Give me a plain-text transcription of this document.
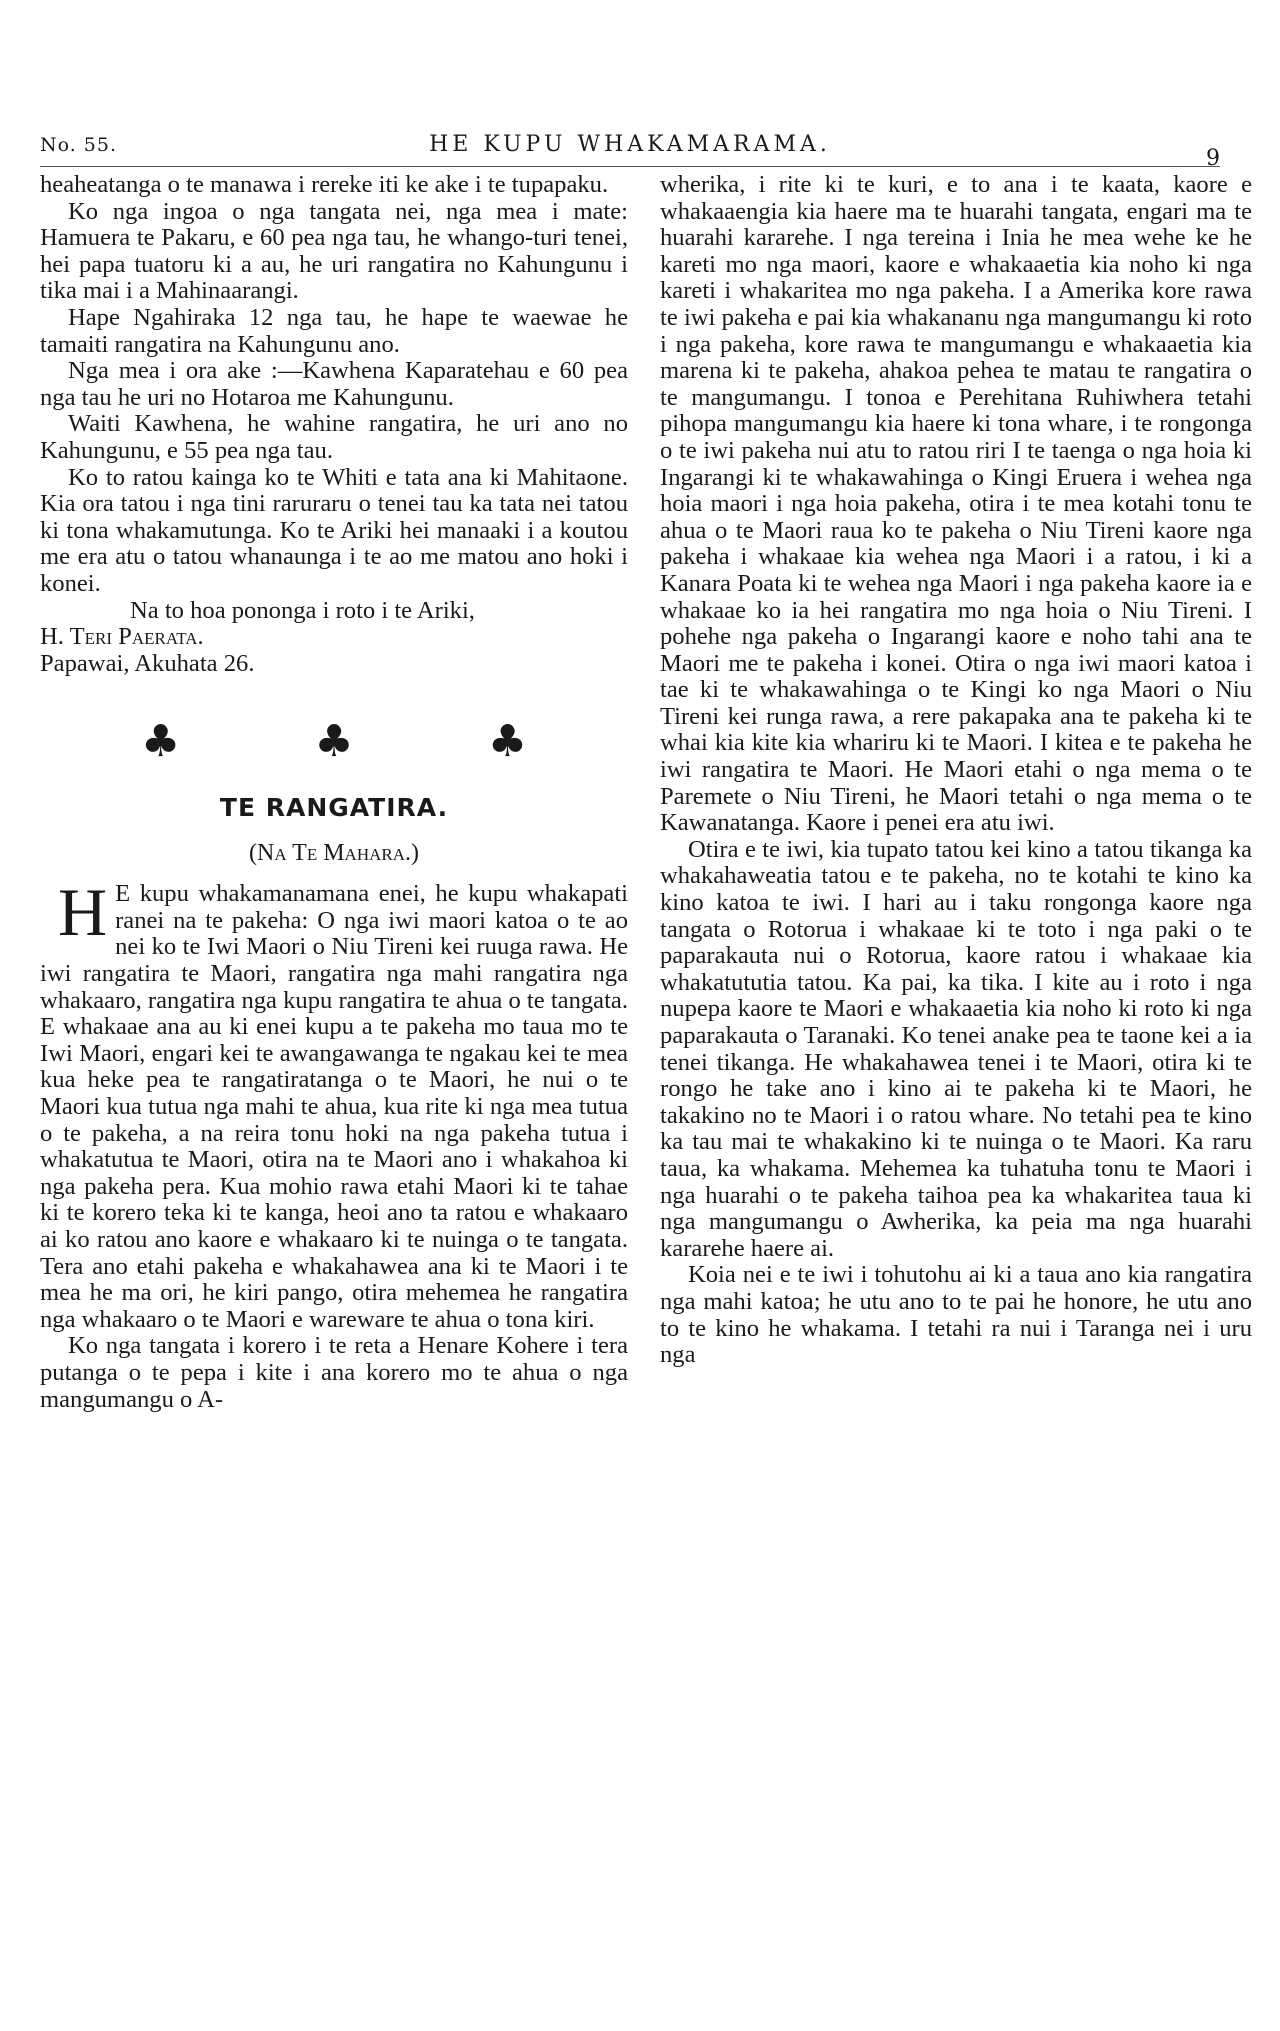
No. 55.	HE KUPU WHAKAMARAMA.
9

heaheatanga o te manawa i rereke iti ke ake i te tupapaku.

Ko nga ingoa o nga tangata nei, nga mea i mate: Hamuera te Pakaru, e 60 pea nga tau, he whango-turi tenei, hei papa tuatoru ki a au, he uri rangatira no Kahungunu i tika mai i a Mahinaarangi.

Hape Ngahiraka 12 nga tau, he hape te waewae he tamaiti rangatira na Kahungunu ano.

Nga mea i ora ake :—Kawhena Kaparatehau e 60 pea nga tau he uri no Hotaroa me Kahungunu.

Waiti Kawhena, he wahine rangatira, he uri ano no Kahungunu, e 55 pea nga tau.

Ko to ratou kainga ko te Whiti e tata ana ki Mahitaone. Kia ora tatou i nga tini raruraru o tenei tau ka tata nei tatou ki tona whakamutunga. Ko te Ariki hei manaaki i a koutou me era atu o tatou whanaunga i te ao me matou ano hoki i konei.

Na to hoa pononga i roto i te Ariki,

H. Teri Paerata.

Papawai, Akuhata 26.

♣ ♣ ♣
TE RANGATIRA.
(Na Te Mahara.)

H E kupu whakamanamana enei, he kupu whakapati ranei na te pakeha: O nga iwi maori katoa o te ao nei ko te Iwi Maori o Niu Tireni kei ruuga rawa. He iwi rangatira te Maori, rangatira nga mahi rangatira nga whakaaro, rangatira nga kupu rangatira te ahua o te tangata. E whakaae ana au ki enei kupu a te pakeha mo taua mo te Iwi Maori, engari kei te awangawanga te ngakau kei te mea kua heke pea te rangatiratanga o te Maori, he nui o te Maori kua tutua nga mahi te ahua, kua rite ki nga mea tutua o te pakeha, a na reira tonu hoki na nga pakeha tutua i whakatutua te Maori, otira na te Maori ano i whakahoa ki nga pakeha pera. Kua mohio rawa etahi Maori ki te tahae ki te korero teka ki te kanga, heoi ano ta ratou e whakaaro ai ko ratou ano kaore e whakaaro ki te nuinga o te tangata. Tera ano etahi pakeha e whakahawea ana ki te Maori i te mea he ma ori, he kiri pango, otira mehemea he rangatira nga whakaaro o te Maori e wareware te ahua o tona kiri.

Ko nga tangata i korero i te reta a Henare Kohere i tera putanga o te pepa i kite i ana korero mo te ahua o nga mangumangu o A-

wherika, i rite ki te kuri, e to ana i te kaata, kaore e whakaaengia kia haere ma te huarahi tangata, engari ma te huarahi kararehe. I nga tereina i Inia he mea wehe ke he kareti mo nga maori, kaore e whakaaetia kia noho ki nga kareti i whakaritea mo nga pakeha. I a Amerika kore rawa te iwi pakeha e pai kia whakananu nga mangumangu ki roto i nga pakeha, kore rawa te mangumangu e whakaaetia kia marena ki te pakeha, ahakoa pehea te matau te rangatira o te mangumangu. I tonoa e Perehitana Ruhiwhera tetahi pihopa mangumangu kia haere ki tona whare, i te rongonga o te iwi pakeha nui atu to ratou riri I te taenga o nga hoia ki Ingarangi ki te whakawahinga o Kingi Eruera i wehea nga hoia maori i nga hoia pakeha, otira i te mea kotahi tonu te ahua o te Maori raua ko te pakeha o Niu Tireni kaore nga pakeha i whakaae kia wehea nga Maori i a ratou, i ki a Kanara Poata ki te wehea nga Maori i nga pakeha kaore ia e whakaae ko ia hei rangatira mo nga hoia o Niu Tireni. I pohehe nga pakeha o Ingarangi kaore e noho tahi ana te Maori me te pakeha i konei. Otira o nga iwi maori katoa i tae ki te whakawahinga o te Kingi ko nga Maori o Niu Tireni kei runga rawa, a rere pakapaka ana te pakeha ki te whai kia kite kia whariru ki te Maori. I kitea e te pakeha he iwi rangatira te Maori. He Maori etahi o nga mema o te Paremete o Niu Tireni, he Maori tetahi o nga mema o te Kawanatanga. Kaore i penei era atu iwi.

Otira e te iwi, kia tupato tatou kei kino a tatou tikanga ka whakahaweatia tatou e te pakeha, no te kotahi te kino ka kino katoa te iwi. I hari au i taku rongonga kaore nga tangata o Rotorua i whakaae ki te toto i nga paki o te paparakauta nui o Rotorua, kaore ratou i whakaae kia whakatututia tatou. Ka pai, ka tika. I kite au i roto i nga nupepa kaore te Maori e whakaaetia kia noho ki roto ki nga paparakauta o Taranaki. Ko tenei anake pea te taone kei a ia tenei tikanga. He whakahawea tenei i te Maori, otira ki te rongo he take ano i kino ai te pakeha ki te Maori, he takakino no te Maori i o ratou whare. No tetahi pea te kino ka tau mai te whakakino ki te nuinga o te Maori. Ka raru taua, ka whakama. Mehemea ka tuhatuha tonu te Maori i nga huarahi o te pakeha taihoa pea ka whakaritea taua ki nga mangumangu o Awherika, ka peia ma nga huarahi kararehe haere ai.

Koia nei e te iwi i tohutohu ai ki a taua ano kia rangatira nga mahi katoa; he utu ano to te pai he honore, he utu ano to te kino he whakama. I tetahi ra nui i Taranga nei i uru nga
